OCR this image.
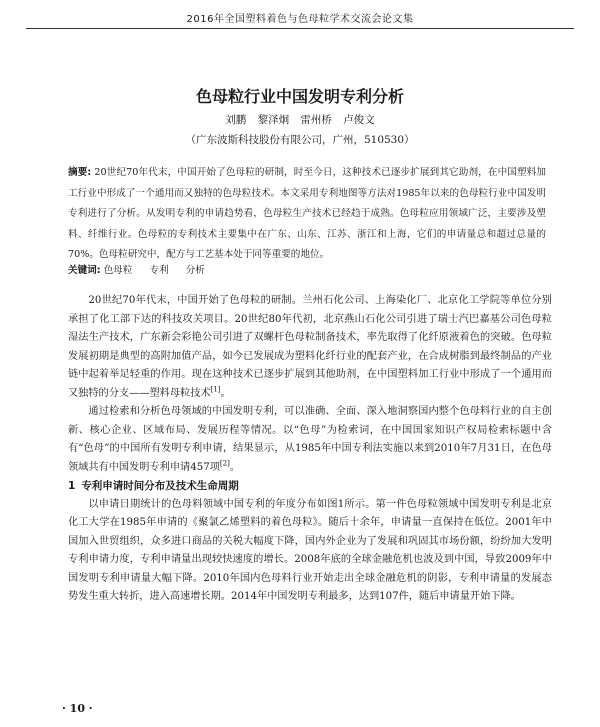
2016年全国塑料着色与色母粒学术交流会论文集
色母粒行业中国发明专利分析
刘鹏 黎泽炯 雷州桥 卢俊文
（广东波斯科技股份有限公司，广州，510530）
摘要: 20世纪70年代末，中国开始了色母粒的研制，时至今日，这种技术已逐步扩展到其它助剂，在中国塑料加工行业中形成了一个通用而又独特的色母粒技术。本文采用专利地图等方法对1985年以来的色母粒行业中国发明专利进行了分析。从发明专利的申请趋势看，色母粒生产技术已经趋于成熟。色母粒应用领域广泛，主要涉及塑料、纤维行业。色母粒的专利技术主要集中在广东、山东、江苏、浙江和上海，它们的申请量总和超过总量的70%。色母粒研究中，配方与工艺基本处于同等重要的地位。
关键词: 色母粒 专利 分析

20世纪70年代末，中国开始了色母粒的研制。兰州石化公司、上海染化厂、北京化工学院等单位分别承担了化工部下达的科技攻关项目。20世纪80年代初，北京燕山石化公司引进了瑞士汽巴嘉基公司色母粒湿法生产技术，广东新会彩艳公司引进了双螺杆色母粒制备技术，率先取得了化纤原液着色的突破。色母粒发展初期是典型的高附加值产品，如今已发展成为塑料化纤行业的配套产业，在合成树脂到最终制品的产业链中起着举足轻重的作用。现在这种技术已逐步扩展到其他助剂，在中国塑料加工行业中形成了一个通用而又独特的分支——塑料母粒技术[1]。

通过检索和分析色母领域的中国发明专利，可以准确、全面、深入地洞察国内整个色母料行业的自主创新、核心企业、区域布局、发展历程等情况。以“色母”为检索词，在中国国家知识产权局检索标题中含有“色母”的中国所有发明专利申请，结果显示，从1985年中国专利法实施以来到2010年7月31日，在色母领域共有中国发明专利申请457项[2]。

1 专利申请时间分布及技术生命周期

以申请日期统计的色母料领域中国专利的年度分布如图1所示。第一件色母粒领域中国发明专利是北京化工大学在1985年申请的《聚氯乙烯塑料的着色母粒》。随后十余年，申请量一直保持在低位。2001年中国加入世贸组织，众多进口商品的关税大幅度下降，国内外企业为了发展和巩固其市场份额，纷纷加大发明专利申请力度，专利申请量出现较快速度的增长。2008年底的全球金融危机也波及到中国，导致2009年中国发明专利申请量大幅下降。2010年国内色母料行业开始走出全球金融危机的阴影，专利申请量的发展态势发生重大转折，进入高速增长期。2014年中国发明专利最多，达到107件，随后申请量开始下降。

· 10 ·
